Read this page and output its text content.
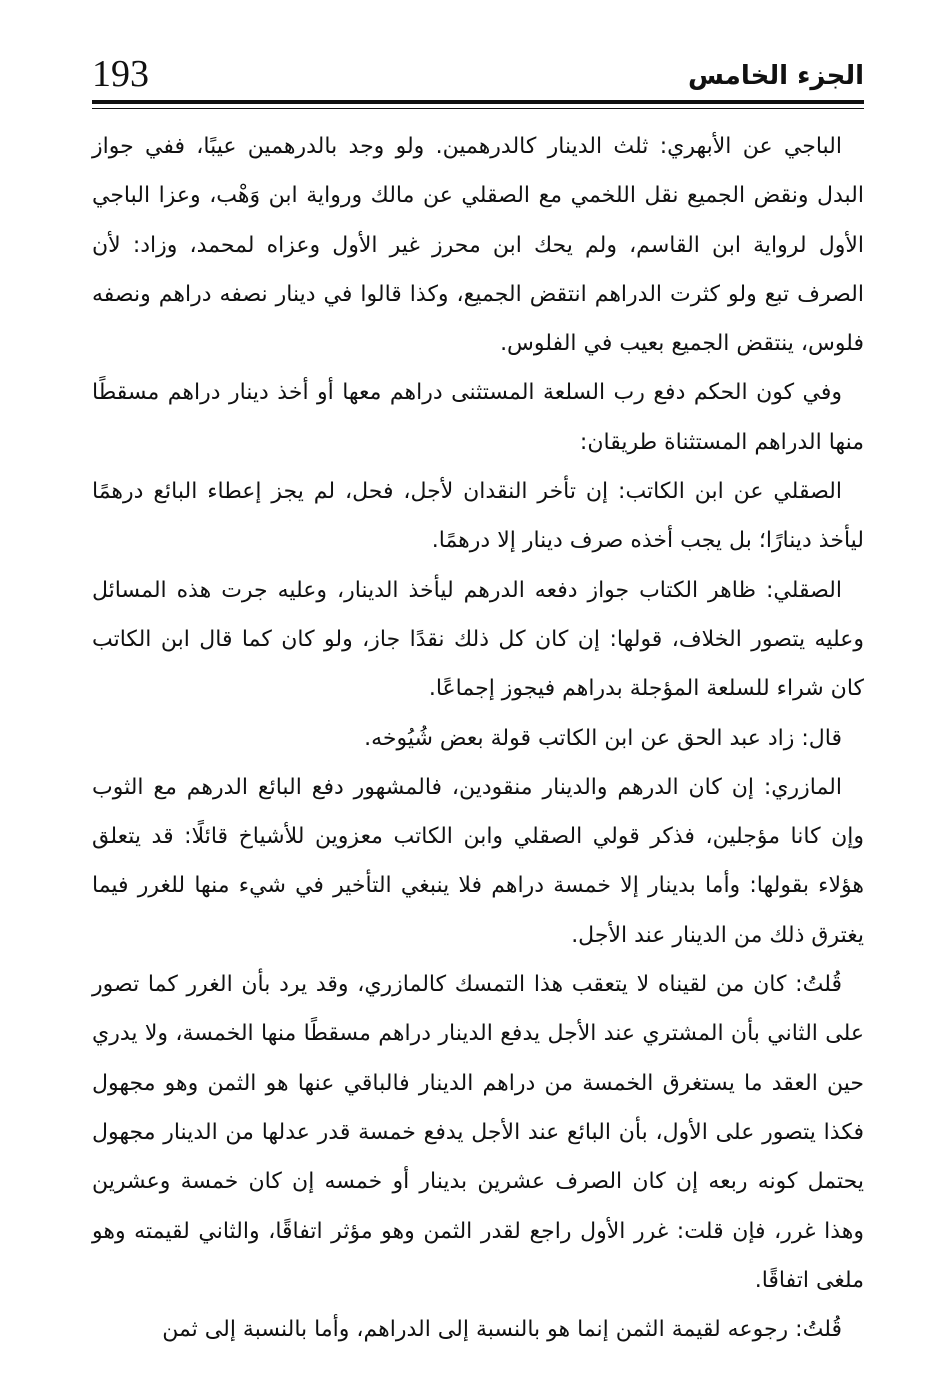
193	الجزء الخامس

الباجي عن الأبهري: ثلث الدينار كالدرهمين. ولو وجد بالدرهمين عيبًا، ففي جواز البدل ونقض الجميع نقل اللخمي مع الصقلي عن مالك ورواية ابن وَهْب، وعزا الباجي الأول لرواية ابن القاسم، ولم يحك ابن محرز غير الأول وعزاه لمحمد، وزاد: لأن الصرف تبع ولو كثرت الدراهم انتقض الجميع، وكذا قالوا في دينار نصفه دراهم ونصفه فلوس، ينتقض الجميع بعيب في الفلوس.

وفي كون الحكم دفع رب السلعة المستثنى دراهم معها أو أخذ دينار دراهم مسقطًا منها الدراهم المستثناة طريقان:

الصقلي عن ابن الكاتب: إن تأخر النقدان لأجل، فحل، لم يجز إعطاء البائع درهمًا ليأخذ دينارًا؛ بل يجب أخذه صرف دينار إلا درهمًا.

الصقلي: ظاهر الكتاب جواز دفعه الدرهم ليأخذ الدينار، وعليه جرت هذه المسائل وعليه يتصور الخلاف، قولها: إن كان كل ذلك نقدًا جاز، ولو كان كما قال ابن الكاتب كان شراء للسلعة المؤجلة بدراهم فيجوز إجماعًا.

قال: زاد عبد الحق عن ابن الكاتب قولة بعض شُيُوخه.

المازري: إن كان الدرهم والدينار منقودين، فالمشهور دفع البائع الدرهم مع الثوب وإن كانا مؤجلين، فذكر قولي الصقلي وابن الكاتب معزوين للأشياخ قائلًا: قد يتعلق هؤلاء بقولها: وأما بدينار إلا خمسة دراهم فلا ينبغي التأخير في شيء منها للغرر فيما يغترق ذلك من الدينار عند الأجل.

قُلتُ: كان من لقيناه لا يتعقب هذا التمسك كالمازري، وقد يرد بأن الغرر كما تصور على الثاني بأن المشتري عند الأجل يدفع الدينار دراهم مسقطًا منها الخمسة، ولا يدري حين العقد ما يستغرق الخمسة من دراهم الدينار فالباقي عنها هو الثمن وهو مجهول فكذا يتصور على الأول، بأن البائع عند الأجل يدفع خمسة قدر عدلها من الدينار مجهول يحتمل كونه ربعه إن كان الصرف عشرين بدينار أو خمسه إن كان خمسة وعشرين وهذا غرر، فإن قلت: غرر الأول راجع لقدر الثمن وهو مؤثر اتفاقًا، والثاني لقيمته وهو ملغى اتفاقًا.

قُلتُ: رجوعه لقيمة الثمن إنما هو بالنسبة إلى الدراهم، وأما بالنسبة إلى ثمن
